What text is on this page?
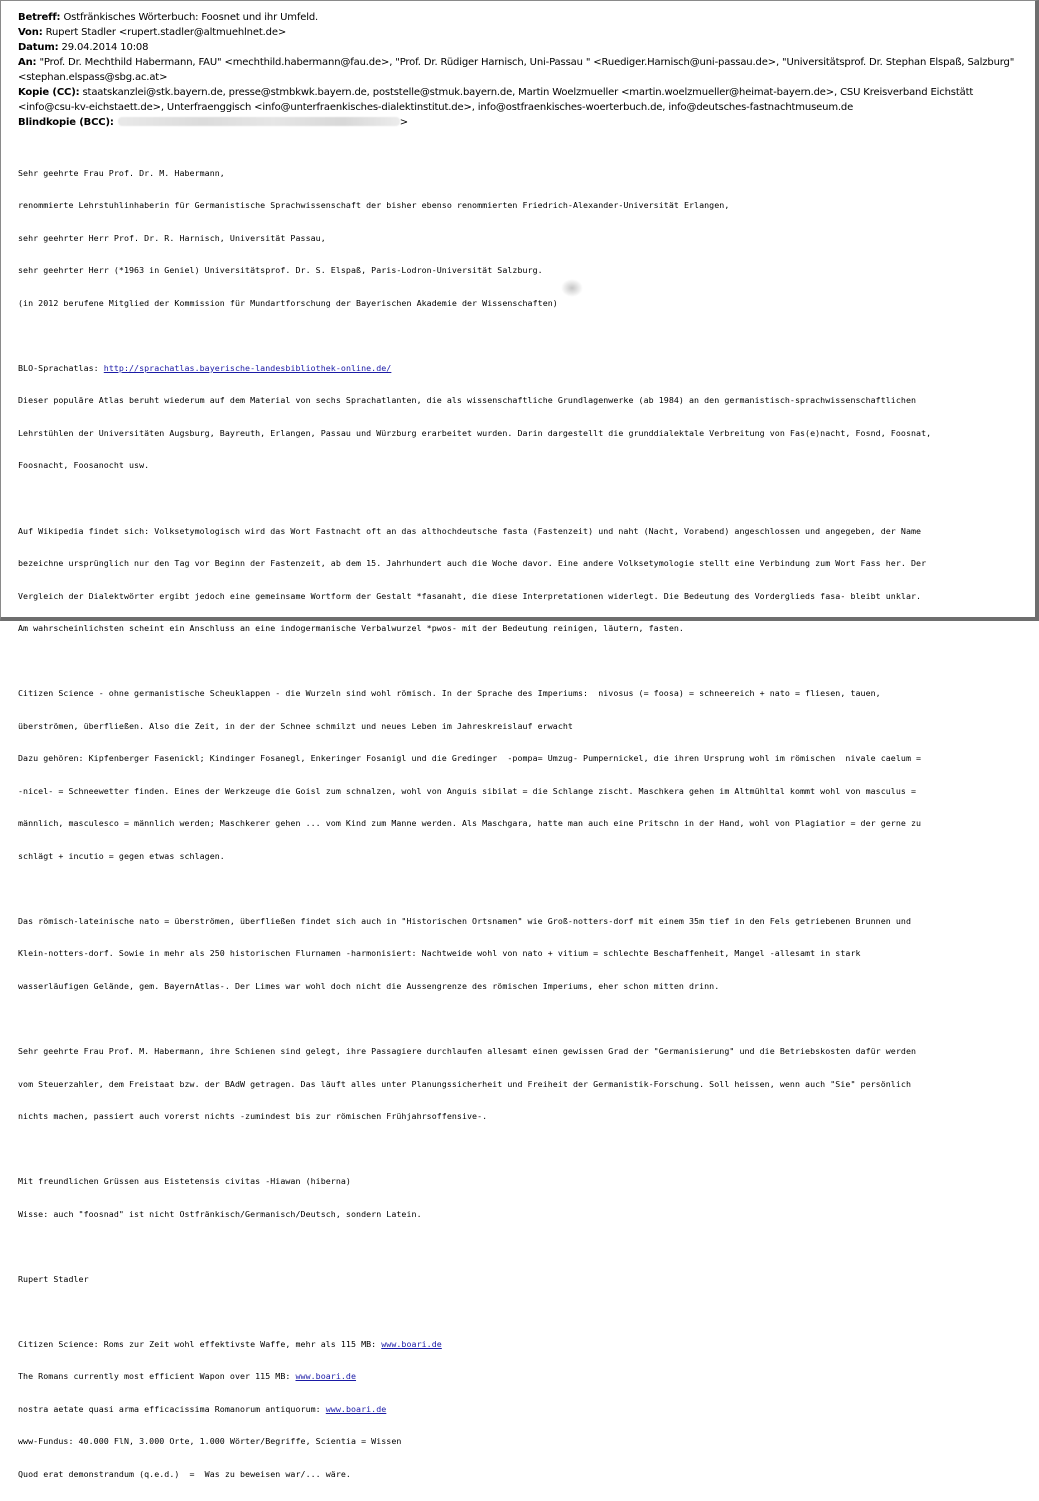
Betreff: Ostfränkisches Wörterbuch: Foosnet und ihr Umfeld.
Von: Rupert Stadler <rupert.stadler@altmuehlnet.de>
Datum: 29.04.2014 10:08
An: "Prof. Dr. Mechthild Habermann, FAU" <mechthild.habermann@fau.de>, "Prof. Dr. Rüdiger Harnisch, Uni-Passau " <Ruediger.Harnisch@uni-passau.de>, "Universitätsprof. Dr. Stephan Elspaß, Salzburg" <stephan.elspass@sbg.ac.at>
Kopie (CC): staatskanzlei@stk.bayern.de, presse@stmbkwk.bayern.de, poststelle@stmuk.bayern.de, Martin Woelzmueller <martin.woelzmueller@heimat-bayern.de>, CSU Kreisverband Eichstätt <info@csu-kv-eichstaett.de>, Unterfraenggisch <info@unterfraenkisches-dialektinstitut.de>, info@ostfraenkisches-woerterbuch.de, info@deutsches-fastnachtmuseum.de
Blindkopie (BCC):	>

Sehr geehrte Frau Prof. Dr. M. Habermann,

renommierte Lehrstuhlinhaberin für Germanistische Sprachwissenschaft der bisher ebenso renommierten Friedrich-Alexander-Universität Erlangen,

sehr geehrter Herr Prof. Dr. R. Harnisch, Universität Passau,

sehr geehrter Herr (*1963 in Geniel) Universitätsprof. Dr. S. Elspaß, Paris-Lodron-Universität Salzburg.

(in 2012 berufene Mitglied der Kommission für Mundartforschung der Bayerischen Akademie der Wissenschaften)

BLO-Sprachatlas: http://sprachatlas.bayerische-landesbibliothek-online.de/

Dieser populäre Atlas beruht wiederum auf dem Material von sechs Sprachatlanten, die als wissenschaftliche Grundlagenwerke (ab 1984) an den germanistisch-sprachwissenschaftlichen

Lehrstühlen der Universitäten Augsburg, Bayreuth, Erlangen, Passau und Würzburg erarbeitet wurden. Darin dargestellt die grunddialektale Verbreitung von Fas(e)nacht, Fosnd, Foosnat,

Foosnacht, Foosanocht usw.

Auf Wikipedia findet sich: Volksetymologisch wird das Wort Fastnacht oft an das althochdeutsche fasta (Fastenzeit) und naht (Nacht, Vorabend) angeschlossen und angegeben, der Name

bezeichne ursprünglich nur den Tag vor Beginn der Fastenzeit, ab dem 15. Jahrhundert auch die Woche davor. Eine andere Volksetymologie stellt eine Verbindung zum Wort Fass her. Der

Vergleich der Dialektwörter ergibt jedoch eine gemeinsame Wortform der Gestalt *fasanaht, die diese Interpretationen widerlegt. Die Bedeutung des Vorderglieds fasa- bleibt unklar.

Am wahrscheinlichsten scheint ein Anschluss an eine indogermanische Verbalwurzel *pwos- mit der Bedeutung reinigen, läutern, fasten.

Citizen Science - ohne germanistische Scheuklappen - die Wurzeln sind wohl römisch. In der Sprache des Imperiums:  nivosus (= foosa) = schneereich + nato = fliesen, tauen,

überströmen, überfließen. Also die Zeit, in der der Schnee schmilzt und neues Leben im Jahreskreislauf erwacht

Dazu gehören: Kipfenberger Fasenickl; Kindinger Fosanegl, Enkeringer Fosanigl und die Gredinger  -pompa= Umzug- Pumpernickel, die ihren Ursprung wohl im römischen  nivale caelum =

-nicel- = Schneewetter finden. Eines der Werkzeuge die Goisl zum schnalzen, wohl von Anguis sibilat = die Schlange zischt. Maschkera gehen im Altmühltal kommt wohl von masculus =

männlich, masculesco = männlich werden; Maschkerer gehen ... vom Kind zum Manne werden. Als Maschgara, hatte man auch eine Pritschn in der Hand, wohl von Plagiatior = der gerne zu

schlägt + incutio = gegen etwas schlagen.

Das römisch-lateinische nato = überströmen, überfließen findet sich auch in "Historischen Ortsnamen" wie Groß-notters-dorf mit einem 35m tief in den Fels getriebenen Brunnen und

Klein-notters-dorf. Sowie in mehr als 250 historischen Flurnamen -harmonisiert: Nachtweide wohl von nato + vitium = schlechte Beschaffenheit, Mangel -allesamt in stark

wasserläufigen Gelände, gem. BayernAtlas-. Der Limes war wohl doch nicht die Aussengrenze des römischen Imperiums, eher schon mitten drinn.

Sehr geehrte Frau Prof. M. Habermann, ihre Schienen sind gelegt, ihre Passagiere durchlaufen allesamt einen gewissen Grad der "Germanisierung" und die Betriebskosten dafür werden

vom Steuerzahler, dem Freistaat bzw. der BAdW getragen. Das läuft alles unter Planungssicherheit und Freiheit der Germanistik-Forschung. Soll heissen, wenn auch "Sie" persönlich

nichts machen, passiert auch vorerst nichts -zumindest bis zur römischen Frühjahrsoffensive-.

Mit freundlichen Grüssen aus Eistetensis civitas -Hiawan (hiberna)

Wisse: auch "foosnad" ist nicht Ostfränkisch/Germanisch/Deutsch, sondern Latein.

Rupert Stadler

Citizen Science: Roms zur Zeit wohl effektivste Waffe, mehr als 115 MB: www.boari.de

The Romans currently most efficient Wapon over 115 MB: www.boari.de

nostra aetate quasi arma efficacissima Romanorum antiquorum: www.boari.de

www-Fundus: 40.000 FlN, 3.000 Orte, 1.000 Wörter/Begriffe, Scientia = Wissen

Quod erat demonstrandum (q.e.d.)  =  Was zu beweisen war/... wäre.
